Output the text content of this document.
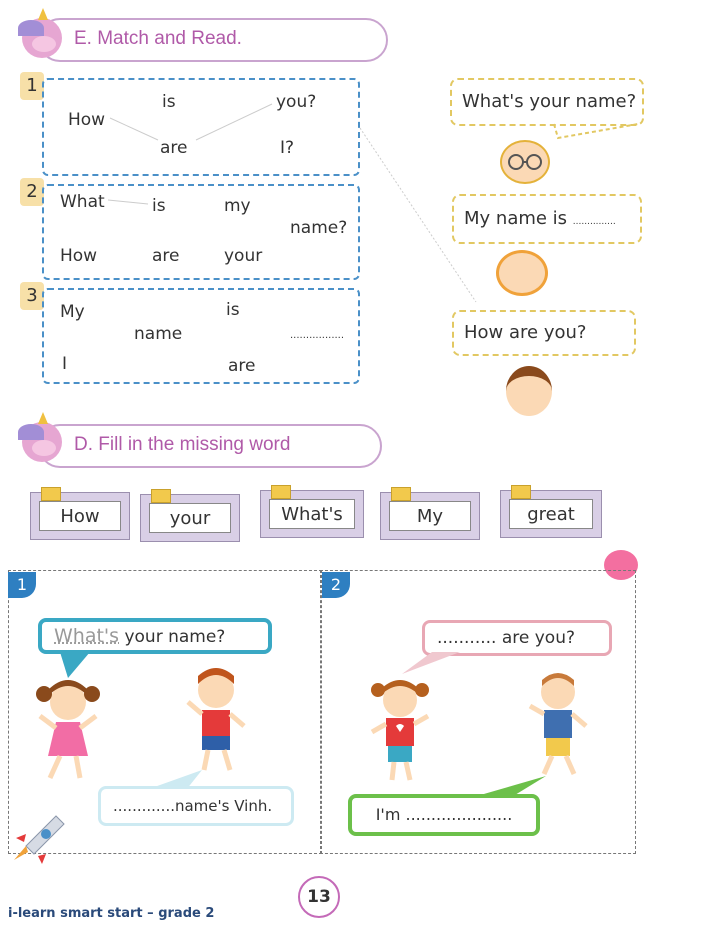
E. Match and Read.
1
How
is	you?
are	I?
2	What	is	my
name?
How	are	your
3
My	is
name	.................
I	are
What's your name?
My name is ...............
How are you?
D. Fill in the missing word
How	your	What's	My	great
1	2
What's your name?
.............name's Vinh.
........... are you?
I'm .....................
13
i-learn smart start – grade 2
